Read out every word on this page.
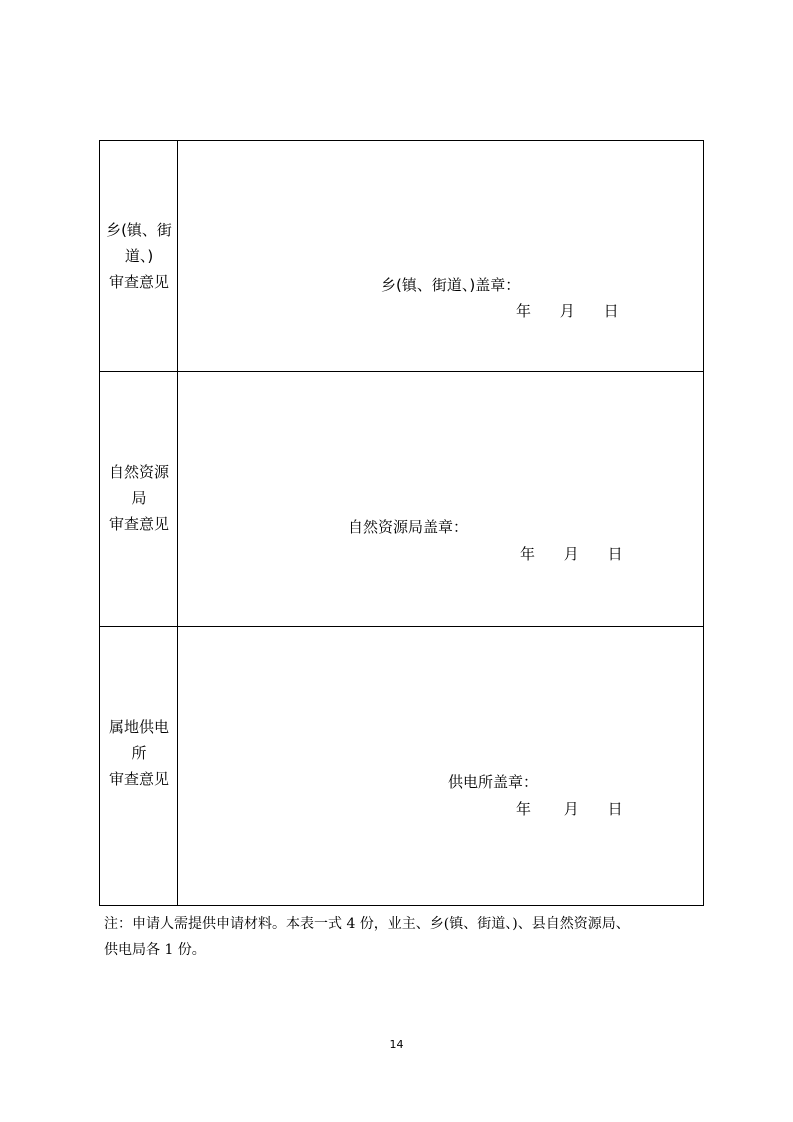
乡(镇、街
道、)
审查意见	乡(镇、街道、)盖章：
年 月 日
自然资源
局
审查意见	自然资源局盖章：
年 月 日
属地供电
所
审查意见	供电所盖章：
年 月 日
注：申请人需提供申请材料。本表一式 4 份，业主、乡(镇、街道、)、县自然资源局、
供电局各 1 份。
14
